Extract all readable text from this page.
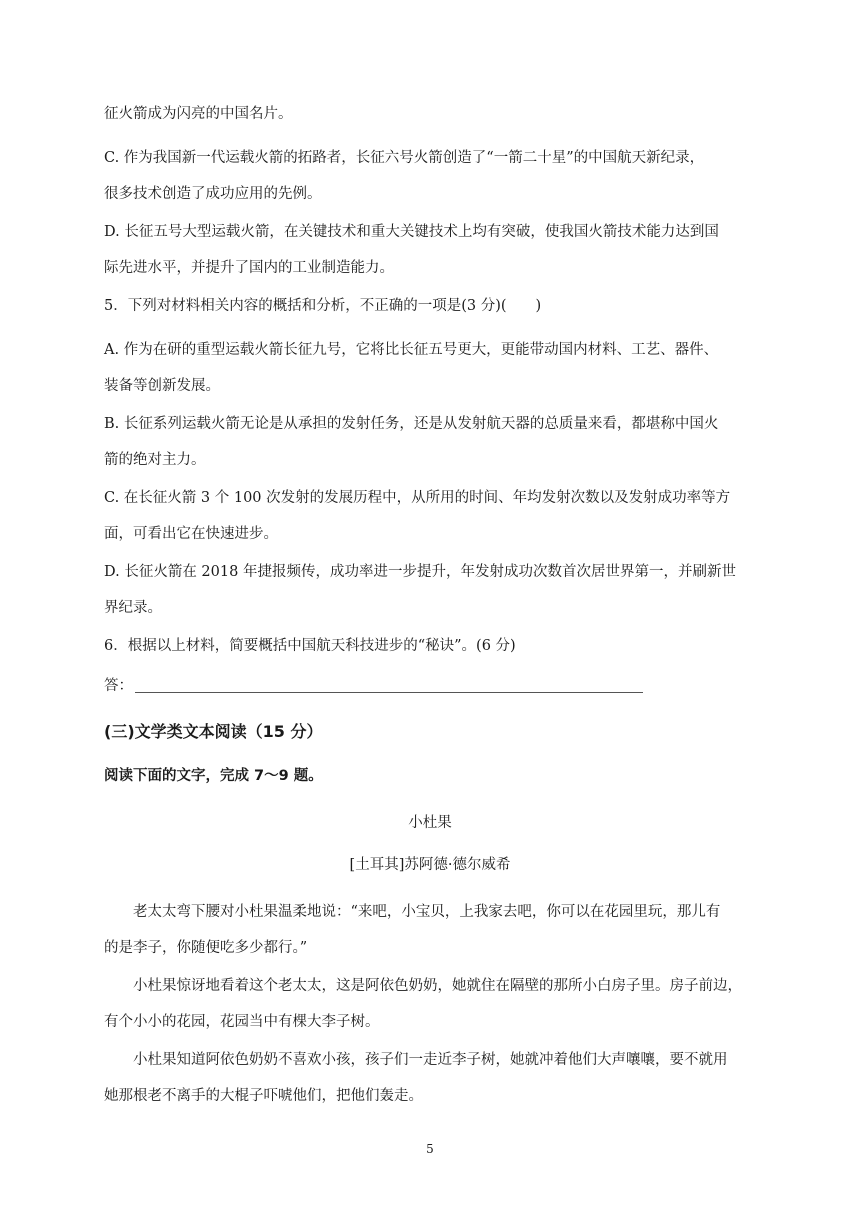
征火箭成为闪亮的中国名片。

C. 作为我国新一代运载火箭的拓路者，长征六号火箭创造了“一箭二十星”的中国航天新纪录，
很多技术创造了成功应用的先例。

D. 长征五号大型运载火箭，在关键技术和重大关键技术上均有突破，使我国火箭技术能力达到国
际先进水平，并提升了国内的工业制造能力。

5．下列对材料相关内容的概括和分析，不正确的一项是(3 分)(　　)

A. 作为在研的重型运载火箭长征九号，它将比长征五号更大，更能带动国内材料、工艺、器件、
装备等创新发展。

B. 长征系列运载火箭无论是从承担的发射任务，还是从发射航天器的总质量来看，都堪称中国火
箭的绝对主力。

C. 在长征火箭 3 个 100 次发射的发展历程中，从所用的时间、年均发射次数以及发射成功率等方
面，可看出它在快速进步。

D. 长征火箭在 2018 年捷报频传，成功率进一步提升，年发射成功次数首次居世界第一，并刷新世
界纪录。

6．根据以上材料，简要概括中国航天科技进步的“秘诀”。(6 分)

答：

(三)文学类文本阅读（15 分）

阅读下面的文字，完成 7～9 题。

小杜果

[土耳其]苏阿德·德尔威希

老太太弯下腰对小杜果温柔地说：“来吧，小宝贝，上我家去吧，你可以在花园里玩，那儿有
的是李子，你随便吃多少都行。”

小杜果惊讶地看着这个老太太，这是阿依色奶奶，她就住在隔壁的那所小白房子里。房子前边，
有个小小的花园，花园当中有棵大李子树。

小杜果知道阿依色奶奶不喜欢小孩，孩子们一走近李子树，她就冲着他们大声嚷嚷，要不就用
她那根老不离手的大棍子吓唬他们，把他们轰走。

5
